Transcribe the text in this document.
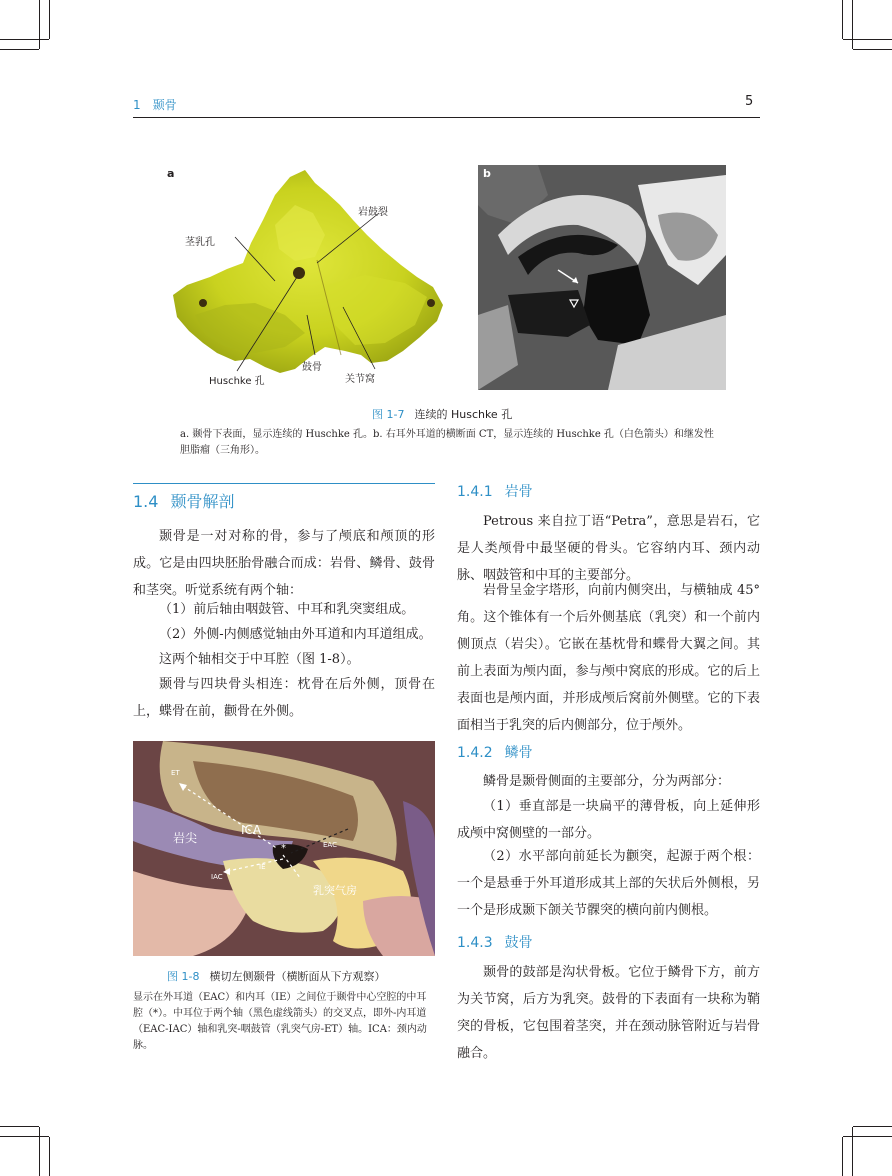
1　颞骨	5
a
岩鼓裂
茎乳孔
鼓骨
关节窝
Huschke 孔
b
图 1-7 连续的 Huschke 孔
a. 颞骨下表面，显示连续的 Huschke 孔。b. 右耳外耳道的横断面 CT，显示连续的 Huschke 孔（白色箭头）和继发性胆脂瘤（三角形）。
1.4 颞骨解剖

颞骨是一对对称的骨，参与了颅底和颅顶的形成。它是由四块胚胎骨融合而成：岩骨、鳞骨、鼓骨和茎突。听觉系统有两个轴：

（1）前后轴由咽鼓管、中耳和乳突窦组成。

（2）外侧-内侧感觉轴由外耳道和内耳道组成。

这两个轴相交于中耳腔（图 1-8）。

颞骨与四块骨头相连：枕骨在后外侧，顶骨在上，蝶骨在前，颧骨在外侧。

ET
岩尖
ICA
EAC
*
IE
IAC
乳突气房
图 1-8 横切左侧颞骨（横断面从下方观察）
显示在外耳道（EAC）和内耳（IE）之间位于颞骨中心空腔的中耳腔（*）。中耳位于两个轴（黑色虚线箭头）的交叉点，即外-内耳道（EAC-IAC）轴和乳突-咽鼓管（乳突气房-ET）轴。ICA：颈内动脉。
1.4.1 岩骨

Petrous 来自拉丁语“Petra”，意思是岩石，它是人类颅骨中最坚硬的骨头。它容纳内耳、颈内动脉、咽鼓管和中耳的主要部分。

岩骨呈金字塔形，向前内侧突出，与横轴成 45° 角。这个锥体有一个后外侧基底（乳突）和一个前内侧顶点（岩尖）。它嵌在基枕骨和蝶骨大翼之间。其前上表面为颅内面，参与颅中窝底的形成。它的后上表面也是颅内面，并形成颅后窝前外侧壁。它的下表面相当于乳突的后内侧部分，位于颅外。

1.4.2 鳞骨

鳞骨是颞骨侧面的主要部分，分为两部分：

（1）垂直部是一块扁平的薄骨板，向上延伸形成颅中窝侧壁的一部分。

（2）水平部向前延长为颧突，起源于两个根：一个是悬垂于外耳道形成其上部的矢状后外侧根，另一个是形成颞下颌关节髁突的横向前内侧根。

1.4.3 鼓骨

颞骨的鼓部是沟状骨板。它位于鳞骨下方，前方为关节窝，后方为乳突。鼓骨的下表面有一块称为鞘突的骨板，它包围着茎突，并在颈动脉管附近与岩骨融合。
